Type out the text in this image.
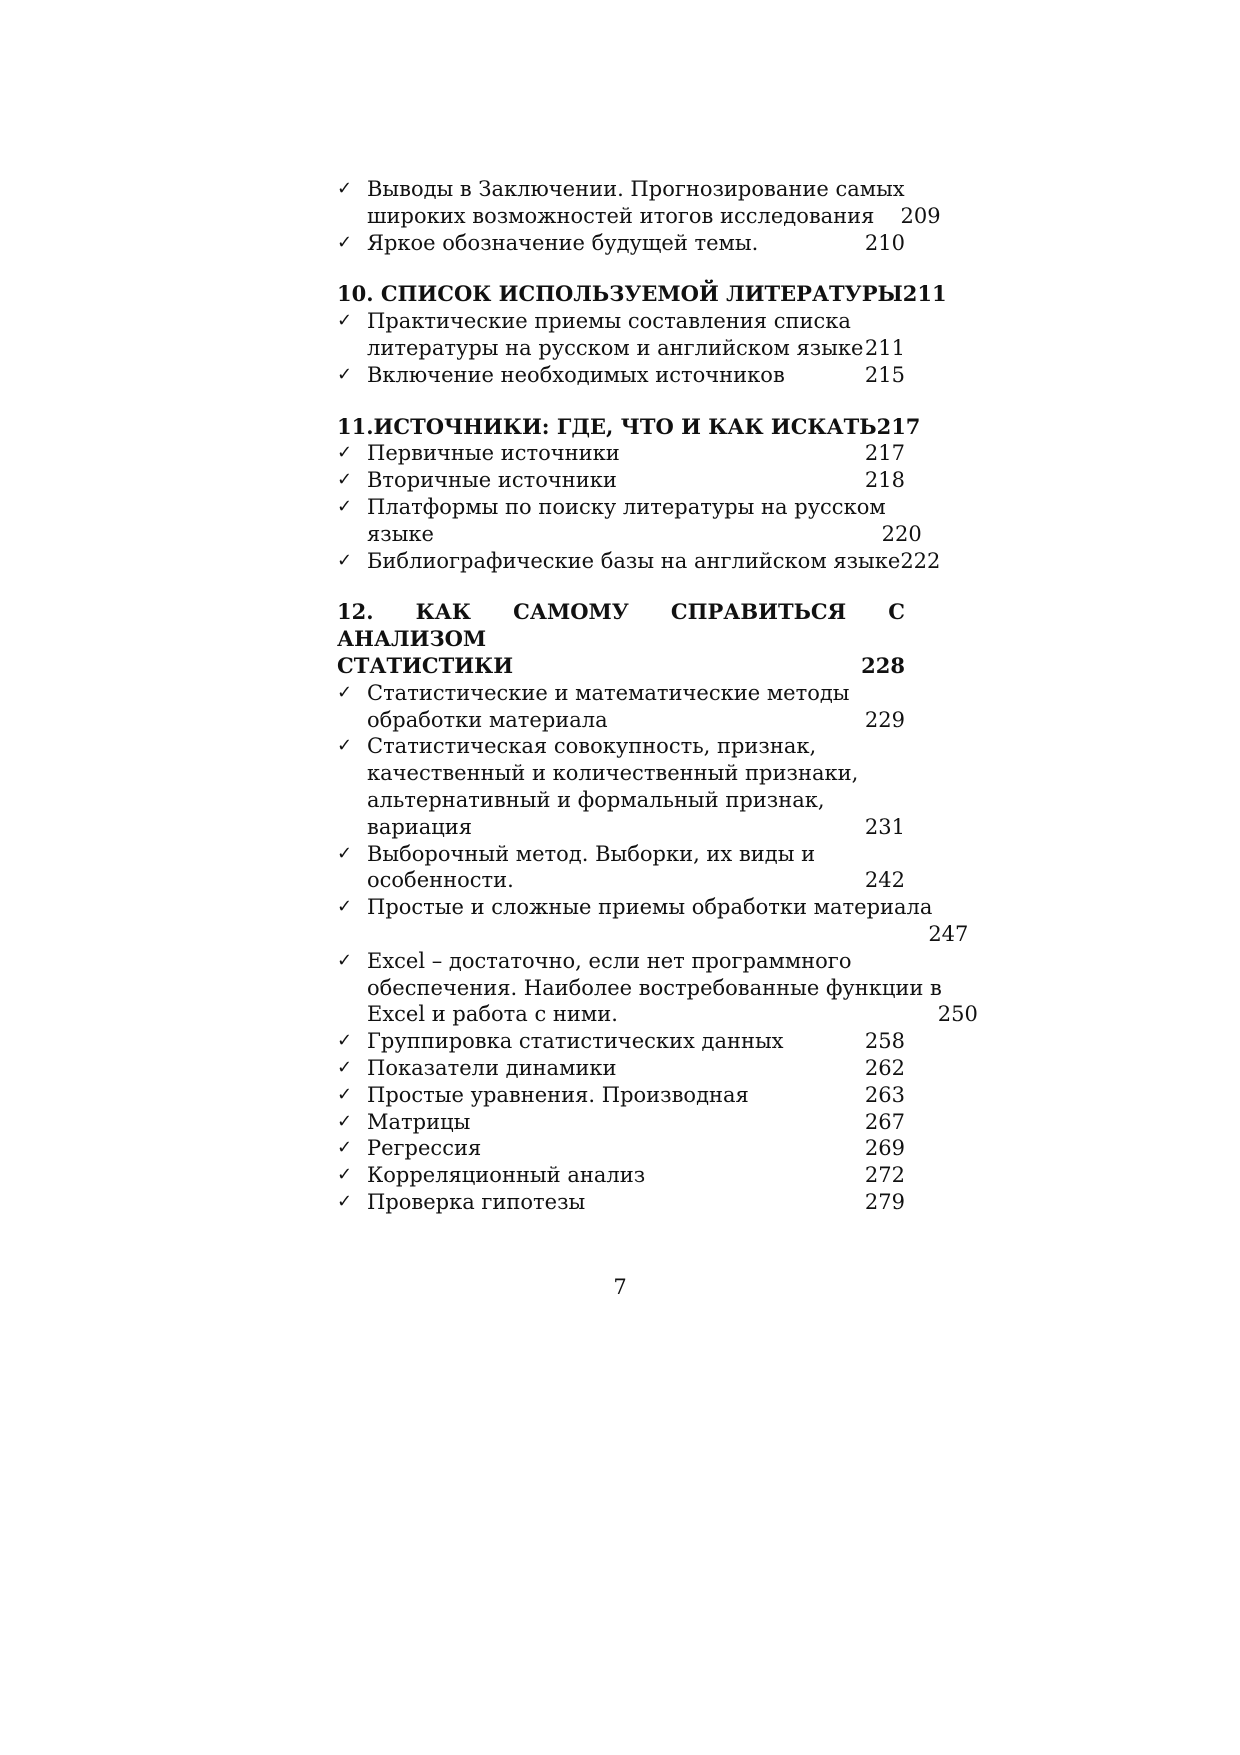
✓ Выводы в Заключении. Прогнозирование самых
широких возможностей итогов исследования 209
✓ Яркое обозначение будущей темы.	210
10. СПИСОК ИСПОЛЬЗУЕМОЙ ЛИТЕРАТУРЫ 211
✓ Практические приемы составления списка
литературы на русском и английском языке 211
✓ Включение необходимых источников	215
11.ИСТОЧНИКИ: ГДЕ, ЧТО И КАК ИСКАТЬ 217
✓ Первичные источники	217
✓ Вторичные источники	218
✓ Платформы по поиску литературы на русском
языке	220
✓ Библиографические базы на английском языке 222
12. КАК САМОМУ СПРАВИТЬСЯ С АНАЛИЗОМ
СТАТИСТИКИ	228
✓ Статистические и математические методы
обработки материала	229
✓ Статистическая совокупность, признак,
качественный и количественный признаки,
альтернативный и формальный признак,
вариация	231
✓ Выборочный метод. Выборки, их виды и
особенности.	242
✓ Простые и сложные приемы обработки материала
247
✓ Excel – достаточно, если нет программного
обеспечения. Наиболее востребованные функции в
Excel и работа с ними.	250
✓ Группировка статистических данных	258
✓ Показатели динамики	262
✓ Простые уравнения. Производная	263
✓ Матрицы	267
✓ Регрессия	269
✓ Корреляционный анализ	272
✓ Проверка гипотезы	279
7
